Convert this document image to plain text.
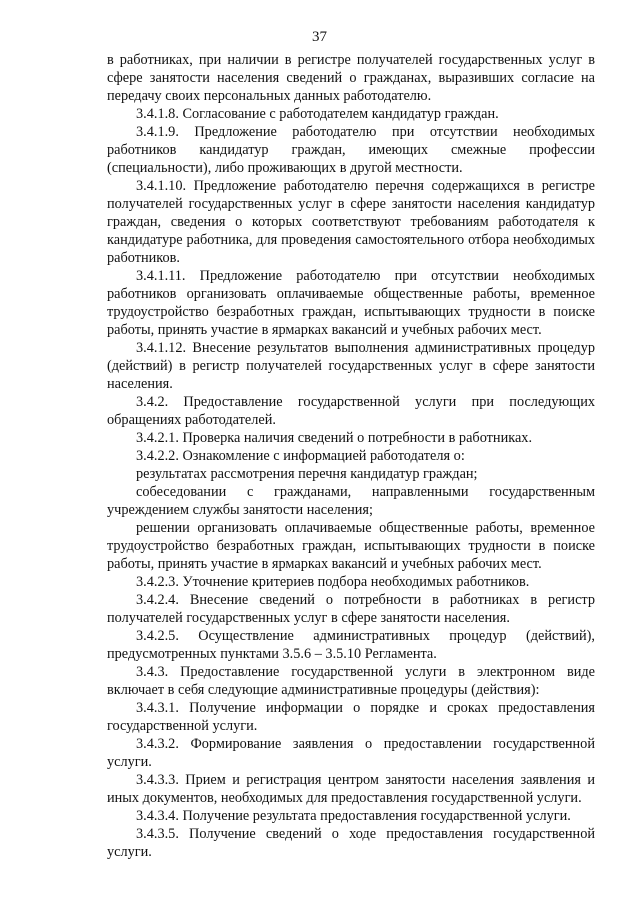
37

в работниках, при наличии в регистре получателей государственных услуг в сфере занятости населения сведений о гражданах, выразивших согласие на передачу своих персональных данных работодателю.

3.4.1.8. Согласование с работодателем кандидатур граждан.

3.4.1.9. Предложение работодателю при отсутствии необходимых работников кандидатур граждан, имеющих смежные профессии (специальности), либо проживающих в другой местности.

3.4.1.10. Предложение работодателю перечня содержащихся в регистре получателей государственных услуг в сфере занятости населения кандидатур граждан, сведения о которых соответствуют требованиям работодателя к кандидатуре работника, для проведения самостоятельного отбора необходимых работников.

3.4.1.11. Предложение работодателю при отсутствии необходимых работников организовать оплачиваемые общественные работы, временное трудоустройство безработных граждан, испытывающих трудности в поиске работы, принять участие в ярмарках вакансий и учебных рабочих мест.

3.4.1.12. Внесение результатов выполнения административных процедур (действий) в регистр получателей государственных услуг в сфере занятости населения.

3.4.2. Предоставление государственной услуги при последующих обращениях работодателей.

3.4.2.1. Проверка наличия сведений о потребности в работниках.

3.4.2.2. Ознакомление с информацией работодателя о:

результатах рассмотрения перечня кандидатур граждан;

собеседовании с гражданами, направленными государственным учреждением службы занятости населения;

решении организовать оплачиваемые общественные работы, временное трудоустройство безработных граждан, испытывающих трудности в поиске работы, принять участие в ярмарках вакансий и учебных рабочих мест.

3.4.2.3. Уточнение критериев подбора необходимых работников.

3.4.2.4. Внесение сведений о потребности в работниках в регистр получателей государственных услуг в сфере занятости населения.

3.4.2.5. Осуществление административных процедур (действий), предусмотренных пунктами 3.5.6 – 3.5.10 Регламента.

3.4.3. Предоставление государственной услуги в электронном виде включает в себя следующие административные процедуры (действия):

3.4.3.1. Получение информации о порядке и сроках предоставления государственной услуги.

3.4.3.2. Формирование заявления о предоставлении государственной услуги.

3.4.3.3. Прием и регистрация центром занятости населения заявления и иных документов, необходимых для предоставления государственной услуги.

3.4.3.4. Получение результата предоставления государственной услуги.

3.4.3.5. Получение сведений о ходе предоставления государственной услуги.
